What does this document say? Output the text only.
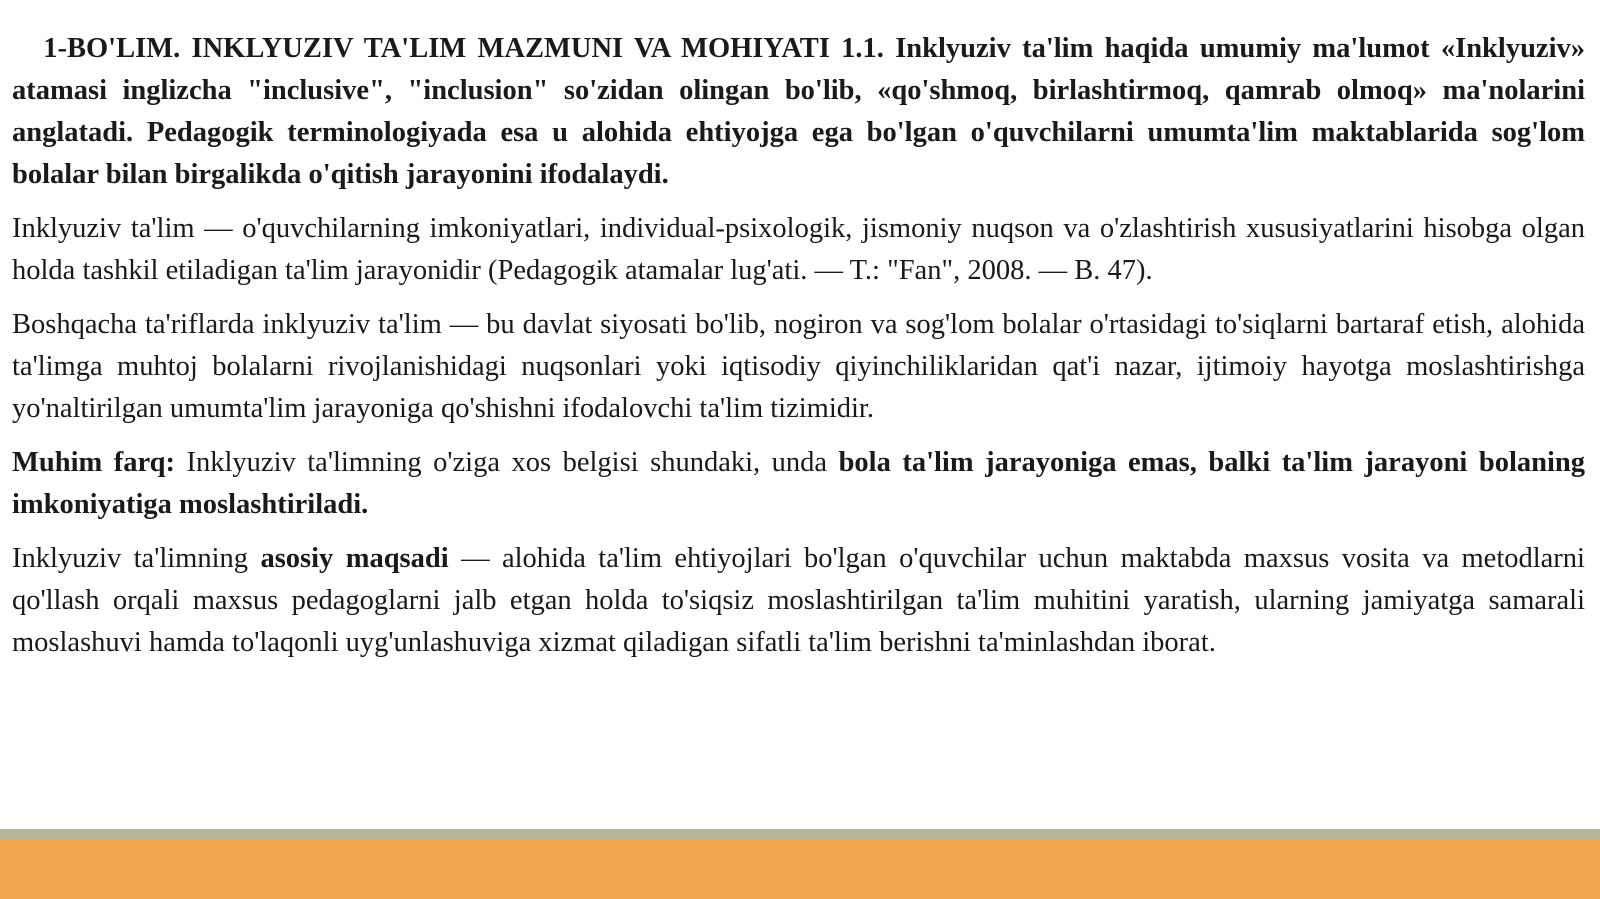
1-BO'LIM. INKLYUZIV TA'LIM MAZMUNI VA MOHIYATI 1.1. Inklyuziv ta'lim haqida umumiy ma'lumot «Inklyuziv» atamasi inglizcha "inclusive", "inclusion" so'zidan olingan bo'lib, «qo'shmoq, birlashtirmoq, qamrab olmoq» ma'nolarini anglatadi. Pedagogik terminologiyada esa u alohida ehtiyojga ega bo'lgan o'quvchilarni umumta'lim maktablarida sog'lom bolalar bilan birgalikda o'qitish jarayonini ifodalaydi.

Inklyuziv ta'lim — o'quvchilarning imkoniyatlari, individual-psixologik, jismoniy nuqson va o'zlashtirish xususiyatlarini hisobga olgan holda tashkil etiladigan ta'lim jarayonidir (Pedagogik atamalar lug'ati. — T.: "Fan", 2008. — B. 47).

Boshqacha ta'riflarda inklyuziv ta'lim — bu davlat siyosati bo'lib, nogiron va sog'lom bolalar o'rtasidagi to'siqlarni bartaraf etish, alohida ta'limga muhtoj bolalarni rivojlanishidagi nuqsonlari yoki iqtisodiy qiyinchiliklaridan qat'i nazar, ijtimoiy hayotga moslashtirishga yo'naltirilgan umumta'lim jarayoniga qo'shishni ifodalovchi ta'lim tizimidir.

Muhim farq: Inklyuziv ta'limning o'ziga xos belgisi shundaki, unda bola ta'lim jarayoniga emas, balki ta'lim jarayoni bolaning imkoniyatiga moslashtiriladi.

Inklyuziv ta'limning asosiy maqsadi — alohida ta'lim ehtiyojlari bo'lgan o'quvchilar uchun maktabda maxsus vosita va metodlarni qo'llash orqali maxsus pedagoglarni jalb etgan holda to'siqsiz moslashtirilgan ta'lim muhitini yaratish, ularning jamiyatga samarali moslashuvi hamda to'laqonli uyg'unlashuviga xizmat qiladigan sifatli ta'lim berishni ta'minlashdan iborat.
